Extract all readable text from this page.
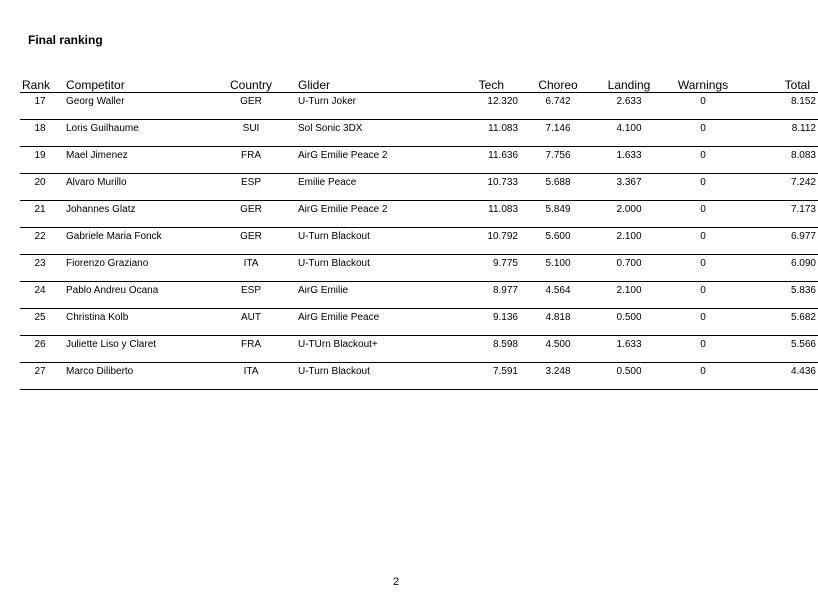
Final ranking
Rank	Competitor	Country	Glider	Tech	Choreo	Landing	Warnings	Total
17	Georg Waller	GER	U-Turn Joker	12.320	6.742	2.633	0	8.152
18	Loris Guilhaume	SUI	Sol Sonic 3DX	11.083	7.146	4.100	0	8.112
19	Mael Jimenez	FRA	AirG Emilie Peace 2	11.636	7.756	1.633	0	8.083
20	Alvaro Murillo	ESP	Emilie Peace	10.733	5.688	3.367	0	7.242
21	Johannes Glatz	GER	AirG Emilie Peace 2	11.083	5.849	2.000	0	7.173
22	Gabriele Maria Fonck	GER	U-Turn Blackout	10.792	5.600	2.100	0	6.977
23	Fiorenzo Graziano	ITA	U-Turn Blackout	9.775	5.100	0.700	0	6.090
24	Pablo Andreu Ocana	ESP	AirG Emilie	8.977	4.564	2.100	0	5.836
25	Christina Kolb	AUT	AirG Emilie Peace	9.136	4.818	0.500	0	5.682
26	Juliette Liso y Claret	FRA	U-TUrn Blackout+	8.598	4.500	1.633	0	5.566
27	Marco Diliberto	ITA	U-Turn Blackout	7.591	3.248	0.500	0	4.436
2
